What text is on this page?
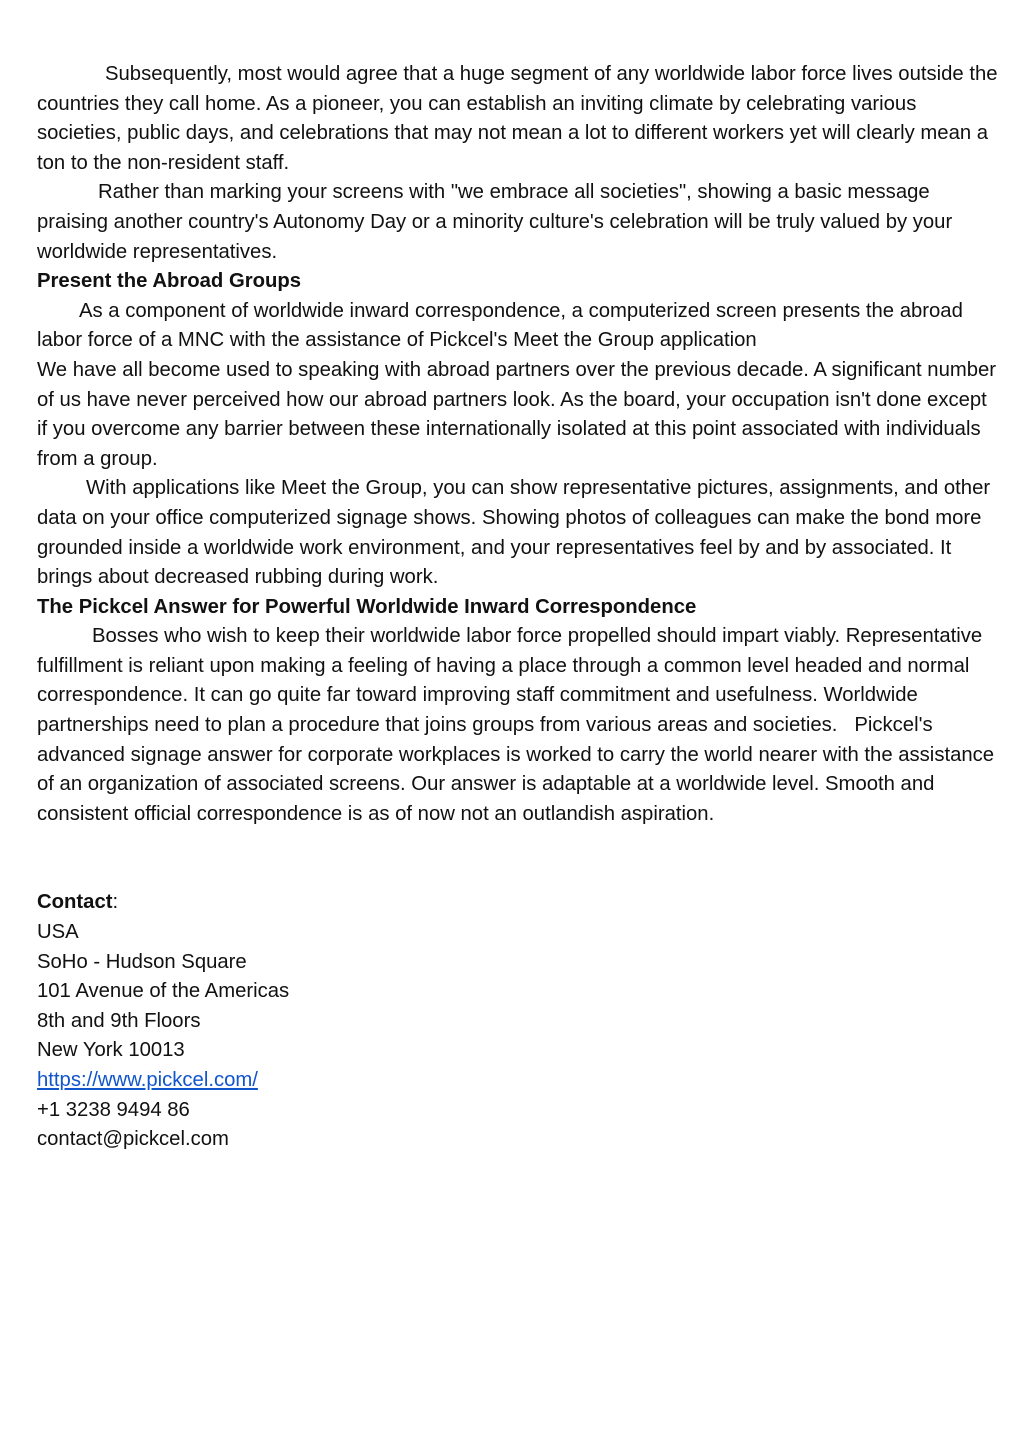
Subsequently, most would agree that a huge segment of any worldwide labor force lives outside the countries they call home. As a pioneer, you can establish an inviting climate by celebrating various societies, public days, and celebrations that may not mean a lot to different workers yet will clearly mean a ton to the non-resident staff.

Rather than marking your screens with "we embrace all societies", showing a basic message praising another country's Autonomy Day or a minority culture's celebration will be truly valued by your worldwide representatives.

Present the Abroad Groups

As a component of worldwide inward correspondence, a computerized screen presents the abroad labor force of a MNC with the assistance of Pickcel's Meet the Group application

We have all become used to speaking with abroad partners over the previous decade. A significant number of us have never perceived how our abroad partners look. As the board, your occupation isn't done except if you overcome any barrier between these internationally isolated at this point associated with individuals from a group.

With applications like Meet the Group, you can show representative pictures, assignments, and other data on your office computerized signage shows. Showing photos of colleagues can make the bond more grounded inside a worldwide work environment, and your representatives feel by and by associated. It brings about decreased rubbing during work.

The Pickcel Answer for Powerful Worldwide Inward Correspondence

Bosses who wish to keep their worldwide labor force propelled should impart viably. Representative fulfillment is reliant upon making a feeling of having a place through a common level headed and normal correspondence. It can go quite far toward improving staff commitment and usefulness. Worldwide partnerships need to plan a procedure that joins groups from various areas and societies.   Pickcel's advanced signage answer for corporate workplaces is worked to carry the world nearer with the assistance of an organization of associated screens. Our answer is adaptable at a worldwide level. Smooth and consistent official correspondence is as of now not an outlandish aspiration.

Contact:

USA

SoHo - Hudson Square

101 Avenue of the Americas

8th and 9th Floors

New York 10013

https://www.pickcel.com/

+1 3238 9494 86

contact@pickcel.com
